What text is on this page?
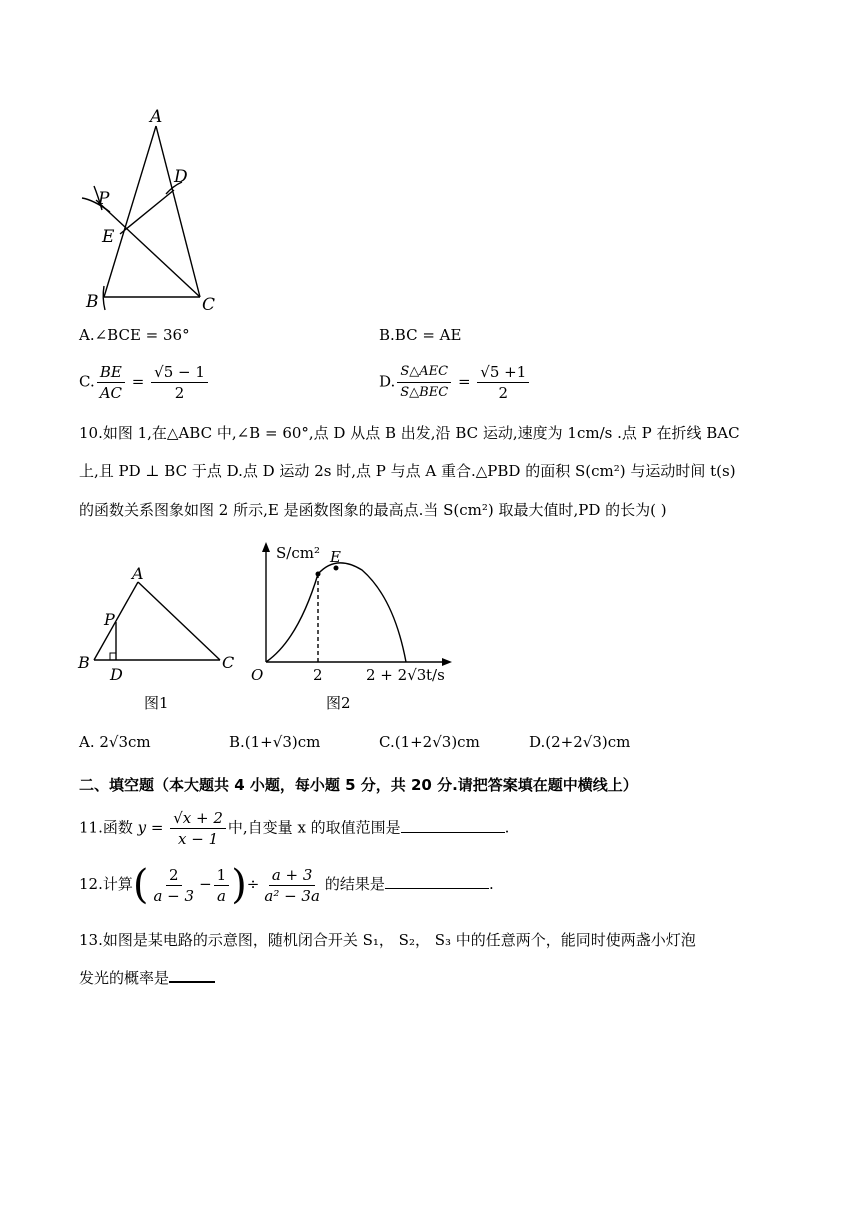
A
D
P
E
B	C
A.∠BCE = 36°	B.BC = AE
C. $\frac{BE}{AC} = \frac{√5 - 1}{2}$	D. $\frac{\text{S△AEC}}{\text{S△BEC}} = \frac{√5 +1}{2}$
10.如图 1,在△ABC 中,∠B = 60°,点 D 从点 B 出发,沿 BC 运动,速度为 1cm/s .点 P 在折线 BAC
上,且 PD ⊥ BC 于点 D.点 D 运动 2s 时,点 P 与点 A 重合.△PBD 的面积 S(cm²) 与运动时间 t(s)
的函数关系图象如图 2 所示,E 是函数图象的最高点.当 S(cm²) 取最大值时,PD 的长为( )
A
P
B
D
C
图1
S/cm² E
O	2	2 + 2√3 t/s
图2
A. 2√3cm	B.(1+√3)cm	C.(1+2√3)cm	D.(2+2√3)cm
二、填空题（本大题共 4 小题，每小题 5 分，共 20 分.请把答案填在题中横线上）
11.函数 $y = \frac{√x + 2}{x - 1}$ 中,自变量 x 的取值范围是	.
12.计算( $\frac{2}{a - 3} - \frac{1}{a}$ )÷ $\frac{a + 3}{\text{a² − 3a}}$ 的结果是	.
13.如图是某电路的示意图，随机闭合开关 S₁， S₂， S₃ 中的任意两个，能同时使两盏小灯泡
发光的概率是
